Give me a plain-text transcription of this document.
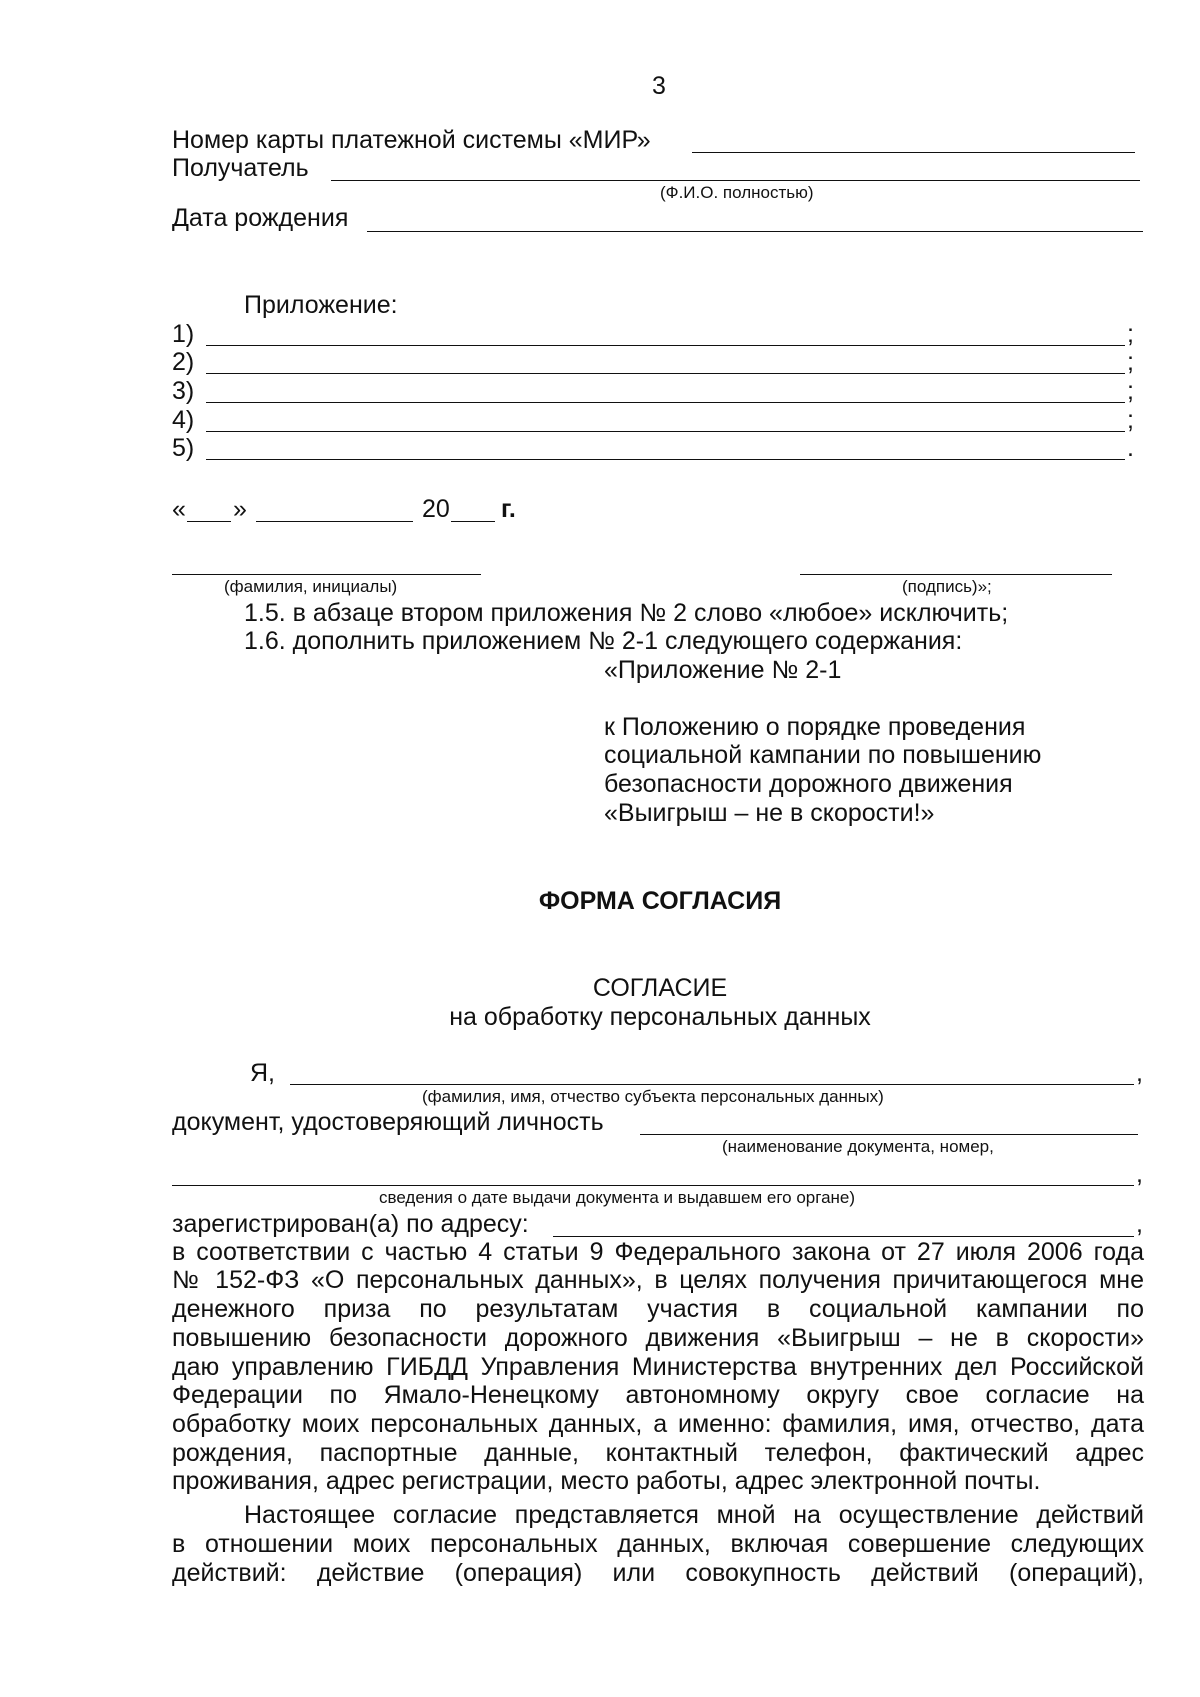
3
Номер карты платежной системы «МИР»
Получатель
(Ф.И.О. полностью)
Дата рождения
Приложение:
1)	;
2)	;
3)	;
4)	;
5)	.
« »	20 г.
(фамилия, инициалы)	(подпись)»;
1.5. в абзаце втором приложения № 2 слово «любое» исключить;
1.6. дополнить приложением № 2-1 следующего содержания:
«Приложение № 2-1
к Положению о порядке проведения
социальной кампании по повышению
безопасности дорожного движения
«Выигрыш – не в скорости!»
ФОРМА СОГЛАСИЯ
СОГЛАСИЕ
на обработку персональных данных
Я,	,
(фамилия, имя, отчество субъекта персональных данных)
документ, удостоверяющий личность
(наименование документа, номер,
,
сведения о дате выдачи документа и выдавшем его органе)
зарегистрирован(а) по адресу:	,
в соответствии с частью 4 статьи 9 Федерального закона от 27 июля 2006 года
№ 152-ФЗ «О персональных данных», в целях получения причитающегося мне
денежного приза по результатам участия в социальной кампании по
повышению безопасности дорожного движения «Выигрыш – не в скорости»
даю управлению ГИБДД Управления Министерства внутренних дел Российской
Федерации по Ямало-Ненецкому автономному округу свое согласие на
обработку моих персональных данных, а именно: фамилия, имя, отчество, дата
рождения, паспортные данные, контактный телефон, фактический адрес
проживания, адрес регистрации, место работы, адрес электронной почты.
Настоящее согласие представляется мной на осуществление действий
в отношении моих персональных данных, включая совершение следующих
действий: действие (операция) или совокупность действий (операций),
